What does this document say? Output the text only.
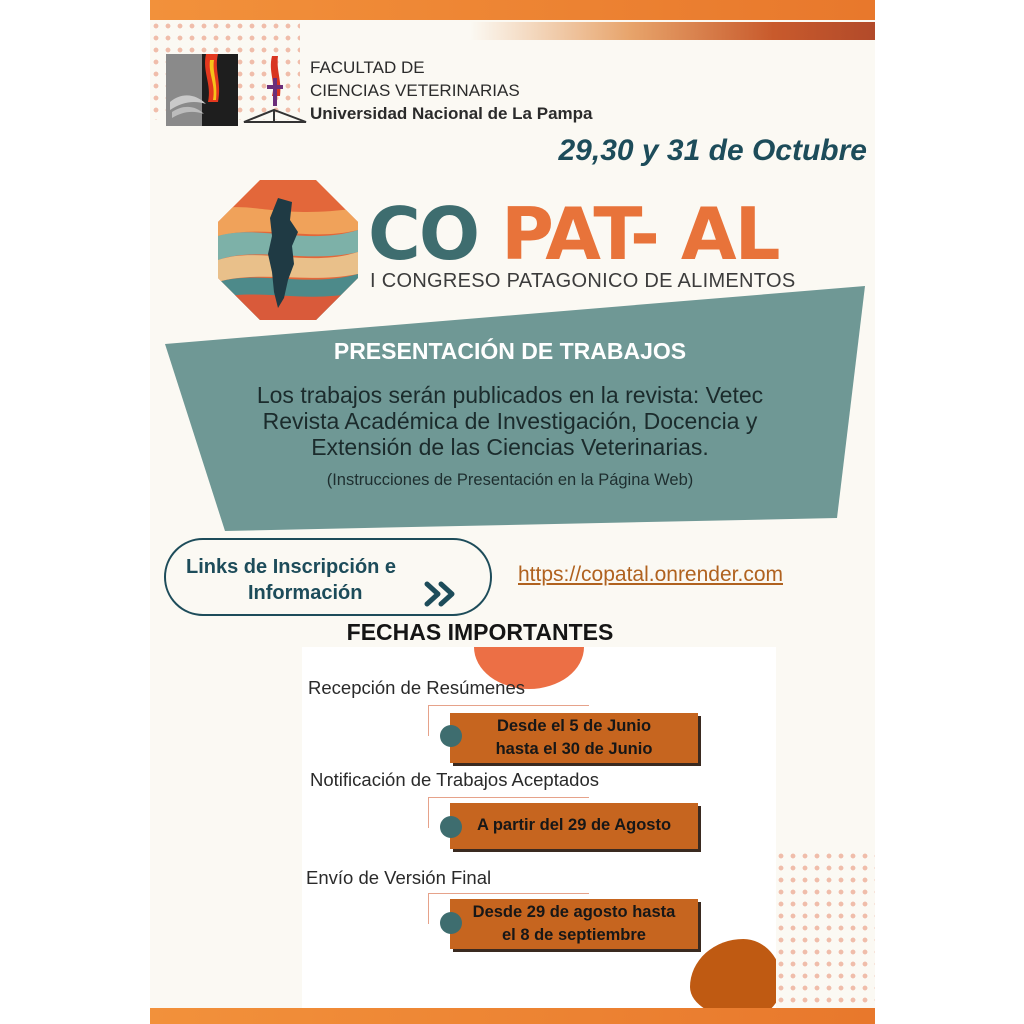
FACULTAD DE
CIENCIAS VETERINARIAS
Universidad Nacional de La Pampa
29,30 y 31 de Octubre
CO PAT- AL
I CONGRESO PATAGONICO DE ALIMENTOS
PRESENTACIÓN DE TRABAJOS
Los trabajos serán publicados en la revista: Vetec
Revista Académica de Investigación, Docencia y
Extensión de las Ciencias Veterinarias.
(Instrucciones de Presentación en la Página Web)
Links de Inscripción e
Información
https://copatal.onrender.com
FECHAS IMPORTANTES
Recepción de Resúmenes
Desde el 5 de Junio
hasta el 30 de Junio
Notificación de Trabajos Aceptados
A partir del 29 de Agosto
Envío de Versión Final
Desde 29 de agosto hasta
el 8 de septiembre
